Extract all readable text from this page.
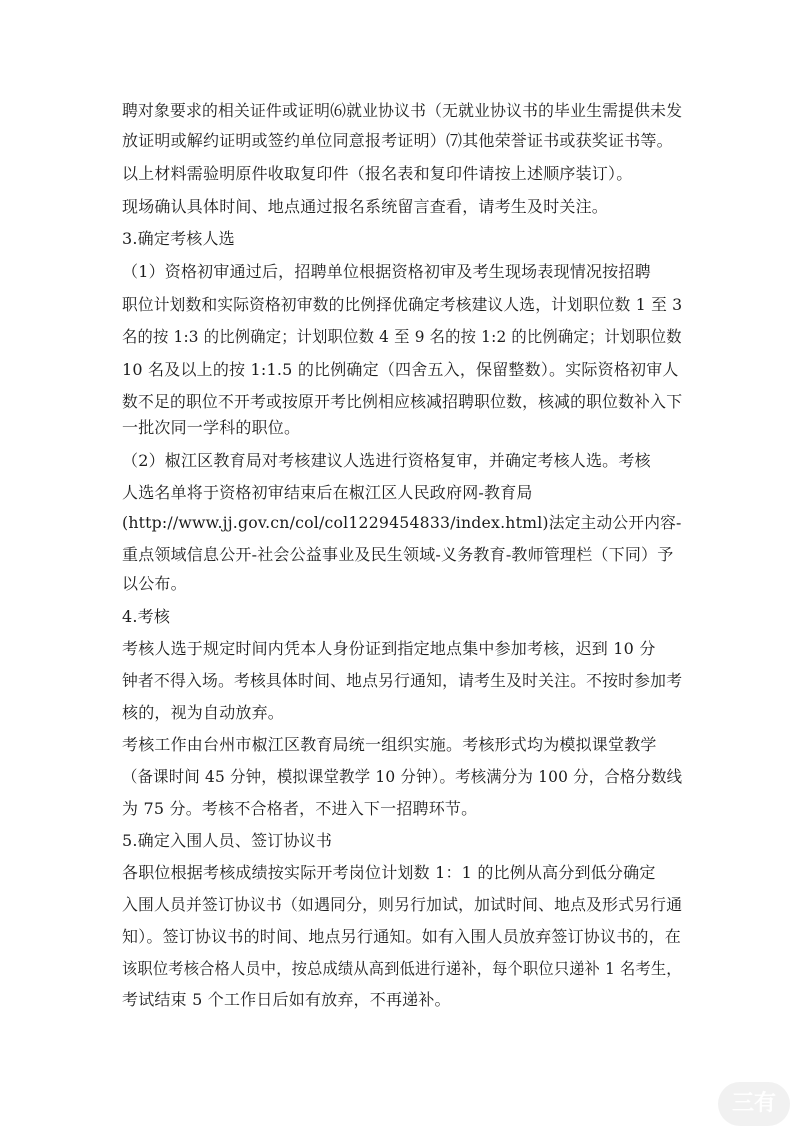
聘对象要求的相关证件或证明⑹就业协议书（无就业协议书的毕业生需提供未发
放证明或解约证明或签约单位同意报考证明）⑺其他荣誉证书或获奖证书等。
以上材料需验明原件收取复印件（报名表和复印件请按上述顺序装订）。
现场确认具体时间、地点通过报名系统留言查看，请考生及时关注。
3.确定考核人选
（1）资格初审通过后，招聘单位根据资格初审及考生现场表现情况按招聘
职位计划数和实际资格初审数的比例择优确定考核建议人选，计划职位数 1 至 3
名的按 1:3 的比例确定；计划职位数 4 至 9 名的按 1:2 的比例确定；计划职位数
10 名及以上的按 1:1.5 的比例确定（四舍五入，保留整数）。实际资格初审人
数不足的职位不开考或按原开考比例相应核减招聘职位数，核减的职位数补入下
一批次同一学科的职位。
（2）椒江区教育局对考核建议人选进行资格复审，并确定考核人选。考核
人选名单将于资格初审结束后在椒江区人民政府网-教育局
(http://www.jj.gov.cn/col/col1229454833/index.html)法定主动公开内容-
重点领域信息公开-社会公益事业及民生领域-义务教育-教师管理栏（下同）予
以公布。
4.考核
考核人选于规定时间内凭本人身份证到指定地点集中参加考核，迟到 10 分
钟者不得入场。考核具体时间、地点另行通知，请考生及时关注。不按时参加考
核的，视为自动放弃。
考核工作由台州市椒江区教育局统一组织实施。考核形式均为模拟课堂教学
（备课时间 45 分钟，模拟课堂教学 10 分钟）。考核满分为 100 分，合格分数线
为 75 分。考核不合格者，不进入下一招聘环节。
5.确定入围人员、签订协议书
各职位根据考核成绩按实际开考岗位计划数 1：1 的比例从高分到低分确定
入围人员并签订协议书（如遇同分，则另行加试，加试时间、地点及形式另行通
知）。签订协议书的时间、地点另行通知。如有入围人员放弃签订协议书的，在
该职位考核合格人员中，按总成绩从高到低进行递补，每个职位只递补 1 名考生，
考试结束 5 个工作日后如有放弃，不再递补。
三有
